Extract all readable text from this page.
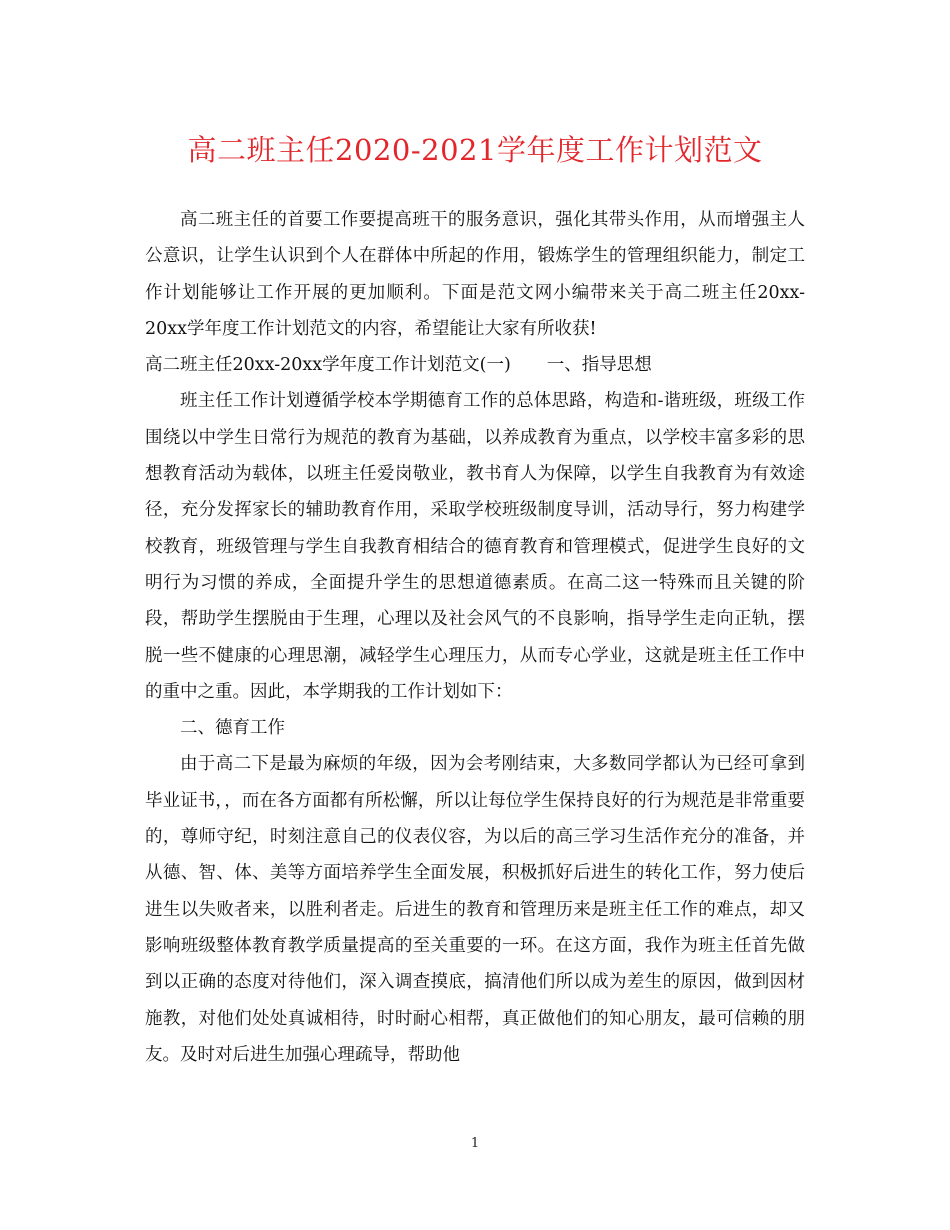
高二班主任2020-2021学年度工作计划范文

高二班主任的首要工作要提高班干的服务意识，强化其带头作用，从而增强主人公意识，让学生认识到个人在群体中所起的作用，锻炼学生的管理组织能力，制定工作计划能够让工作开展的更加顺利。下面是范文网小编带来关于高二班主任20xx-20xx学年度工作计划范文的内容，希望能让大家有所收获!

高二班主任20xx-20xx学年度工作计划范文(一) 一、指导思想

班主任工作计划遵循学校本学期德育工作的总体思路，构造和-谐班级，班级工作围绕以中学生日常行为规范的教育为基础，以养成教育为重点，以学校丰富多彩的思想教育活动为载体，以班主任爱岗敬业，教书育人为保障，以学生自我教育为有效途径，充分发挥家长的辅助教育作用，采取学校班级制度导训，活动导行，努力构建学校教育，班级管理与学生自我教育相结合的德育教育和管理模式，促进学生良好的文明行为习惯的养成，全面提升学生的思想道德素质。在高二这一特殊而且关键的阶段，帮助学生摆脱由于生理，心理以及社会风气的不良影响，指导学生走向正轨，摆脱一些不健康的心理思潮，减轻学生心理压力，从而专心学业，这就是班主任工作中的重中之重。因此，本学期我的工作计划如下：

二、德育工作

由于高二下是最为麻烦的年级，因为会考刚结束，大多数同学都认为已经可拿到毕业证书，，而在各方面都有所松懈，所以让每位学生保持良好的行为规范是非常重要的，尊师守纪，时刻注意自己的仪表仪容，为以后的高三学习生活作充分的准备，并从德、智、体、美等方面培养学生全面发展，积极抓好后进生的转化工作，努力使后进生以失败者来，以胜利者走。后进生的教育和管理历来是班主任工作的难点，却又影响班级整体教育教学质量提高的至关重要的一环。在这方面，我作为班主任首先做到以正确的态度对待他们，深入调查摸底，搞清他们所以成为差生的原因，做到因材施教，对他们处处真诚相待，时时耐心相帮，真正做他们的知心朋友，最可信赖的朋友。及时对后进生加强心理疏导，帮助他

1
